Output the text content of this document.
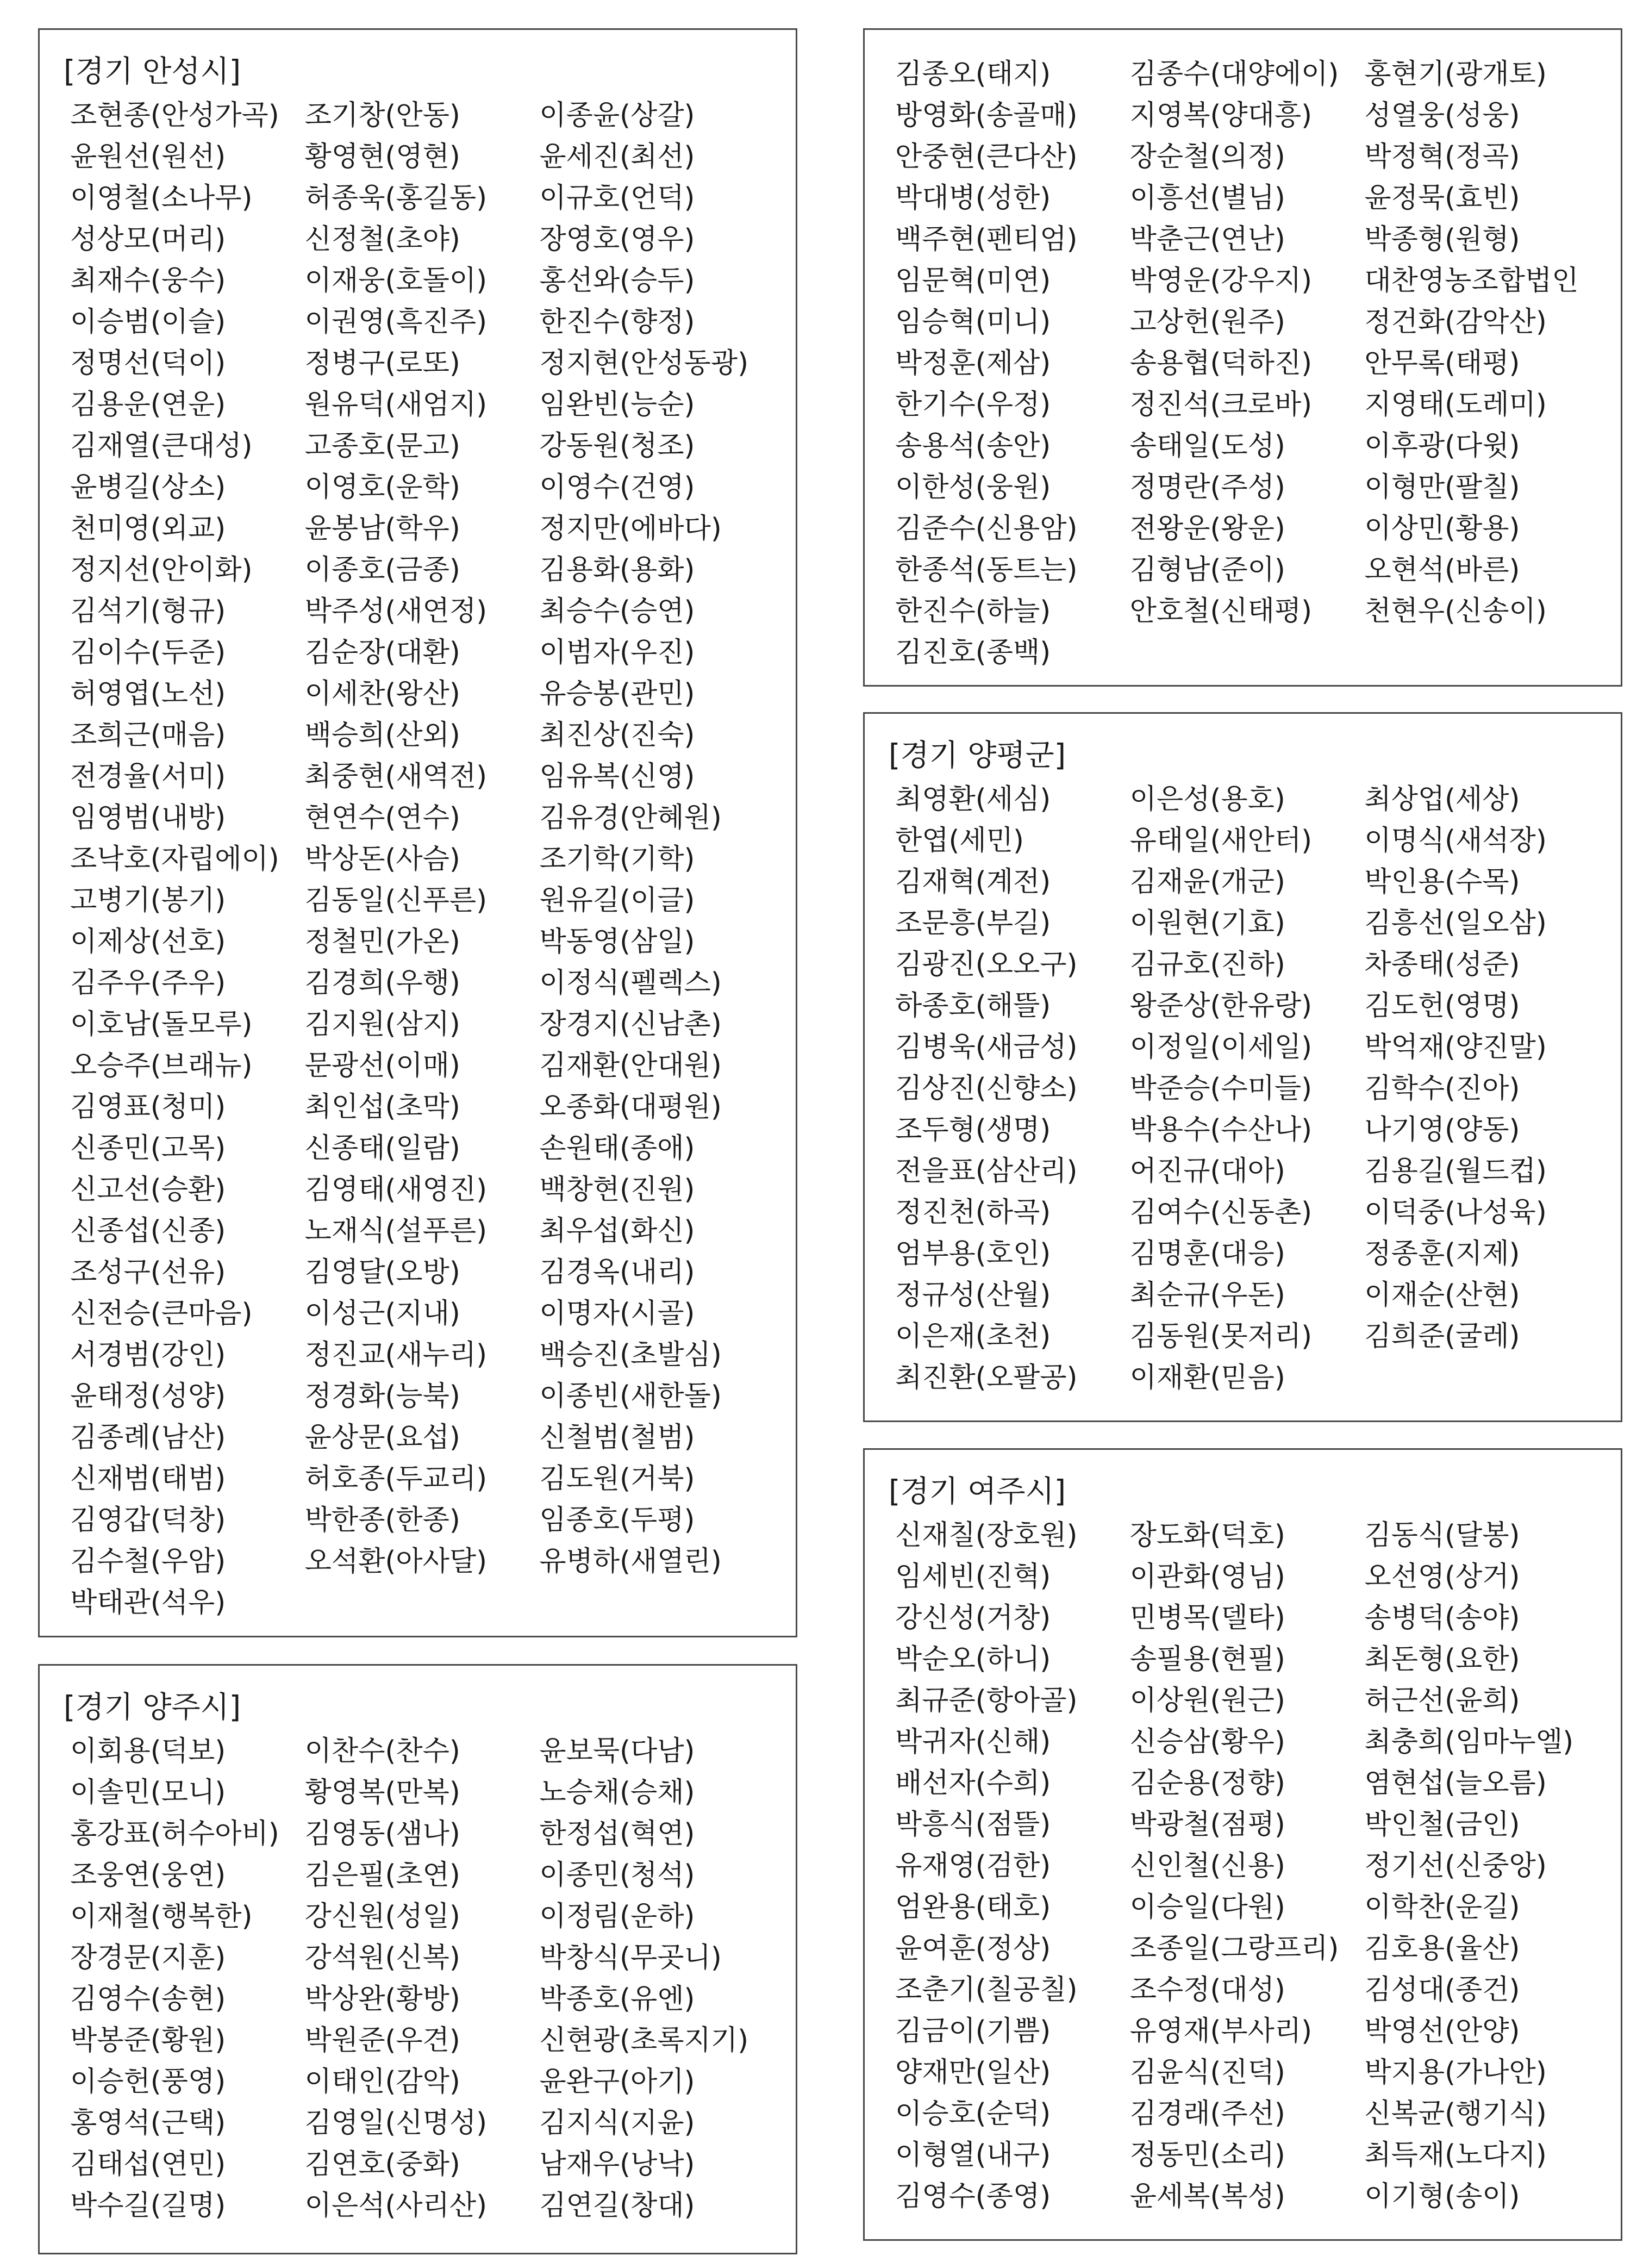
[경기 안성시]
조현종(안성가곡) 조기창(안동)	이종윤(상갈)
윤원선(원선)	황영현(영현)	윤세진(최선)
이영철(소나무)	허종욱(홍길동)	이규호(언덕)
성상모(머리)	신정철(초야)	장영호(영우)
최재수(웅수)	이재웅(호돌이)	홍선와(승두)
이승범(이슬)	이권영(흑진주)	한진수(향정)
정명선(덕이)	정병구(로또)	정지현(안성동광)
김용운(연운)	원유덕(새엄지)	임완빈(능순)
김재열(큰대성)	고종호(문고)	강동원(청조)
윤병길(상소)	이영호(운학)	이영수(건영)
천미영(외교)	윤봉남(학우)	정지만(에바다)
정지선(안이화)	이종호(금종)	김용화(용화)
김석기(형규)	박주성(새연정)	최승수(승연)
김이수(두준)	김순장(대환)	이범자(우진)
허영엽(노선)	이세찬(왕산)	유승봉(관민)
조희근(매음)	백승희(산외)	최진상(진숙)
전경율(서미)	최중현(새역전)	임유복(신영)
임영범(내방)	현연수(연수)	김유경(안혜원)
조낙호(자립에이) 박상돈(사슴)	조기학(기학)
고병기(봉기)	김동일(신푸른)	원유길(이글)
이제상(선호)	정철민(가온)	박동영(삼일)
김주우(주우)	김경희(우행)	이정식(펠렉스)
이호남(돌모루)	김지원(삼지)	장경지(신남촌)
오승주(브래뉴)	문광선(이매)	김재환(안대원)
김영표(청미)	최인섭(초막)	오종화(대평원)
신종민(고목)	신종태(일람)	손원태(종애)
신고선(승환)	김영태(새영진)	백창현(진원)
신종섭(신종)	노재식(설푸른)	최우섭(화신)
조성구(선유)	김영달(오방)	김경옥(내리)
신전승(큰마음)	이성근(지내)	이명자(시골)
서경범(강인)	정진교(새누리)	백승진(초발심)
윤태정(성양)	정경화(능북)	이종빈(새한돌)
김종례(남산)	윤상문(요섭)	신철범(철범)
신재범(태범)	허호종(두교리)	김도원(거북)
김영갑(덕창)	박한종(한종)	임종호(두평)
김수철(우암)	오석환(아사달)	유병하(새열린)
박태관(석우)
[경기 양주시]
이회용(덕보)	이찬수(찬수)	윤보묵(다남)
이솔민(모니)	황영복(만복)	노승채(승채)
홍강표(허수아비) 김영동(샘나)	한정섭(혁연)
조웅연(웅연)	김은필(초연)	이종민(청석)
이재철(행복한)	강신원(성일)	이정림(운하)
장경문(지훈)	강석원(신복)	박창식(무곳니)
김영수(송현)	박상완(황방)	박종호(유엔)
박봉준(황원)	박원준(우견)	신현광(초록지기)
이승헌(풍영)	이태인(감악)	윤완구(아기)
홍영석(근택)	김영일(신명성)	김지식(지윤)
김태섭(연민)	김연호(중화)	남재우(낭낙)
박수길(길명)	이은석(사리산)	김연길(창대)
김종오(태지)	김종수(대양에이) 홍현기(광개토)
방영화(송골매)	지영복(양대흥)	성열웅(성웅)
안중현(큰다산)	장순철(의정)	박정혁(정곡)
박대병(성한)	이흥선(별님)	윤정묵(효빈)
백주현(펜티엄)	박춘근(연난)	박종형(원형)
임문혁(미연)	박영운(강우지)	대찬영농조합법인
임승혁(미니)	고상헌(원주)	정건화(감악산)
박정훈(제삼)	송용협(덕하진)	안무록(태평)
한기수(우정)	정진석(크로바)	지영태(도레미)
송용석(송안)	송태일(도성)	이후광(다윗)
이한성(웅원)	정명란(주성)	이형만(팔칠)
김준수(신용암)	전왕운(왕운)	이상민(황용)
한종석(동트는)	김형남(준이)	오현석(바른)
한진수(하늘)	안호철(신태평)	천현우(신송이)
김진호(종백)
[경기 양평군]
최영환(세심)	이은성(용호)	최상업(세상)
한엽(세민)	유태일(새안터)	이명식(새석장)
김재혁(계전)	김재윤(개군)	박인용(수목)
조문흥(부길)	이원현(기효)	김흥선(일오삼)
김광진(오오구)	김규호(진하)	차종태(성준)
하종호(해뜰)	왕준상(한유랑)	김도헌(영명)
김병욱(새금성)	이정일(이세일)	박억재(양진말)
김상진(신향소)	박준승(수미들)	김학수(진아)
조두형(생명)	박용수(수산나)	나기영(양동)
전을표(삼산리)	어진규(대아)	김용길(월드컵)
정진천(하곡)	김여수(신동촌)	이덕중(나성육)
엄부용(호인)	김명훈(대응)	정종훈(지제)
정규성(산월)	최순규(우돈)	이재순(산현)
이은재(초천)	김동원(못저리)	김희준(굴레)
최진환(오팔공)	이재환(믿음)
[경기 여주시]
신재칠(장호원)	장도화(덕호)	김동식(달봉)
임세빈(진혁)	이관화(영님)	오선영(상거)
강신성(거창)	민병목(델타)	송병덕(송야)
박순오(하니)	송필용(현필)	최돈형(요한)
최규준(항아골)	이상원(원근)	허근선(윤희)
박귀자(신해)	신승삼(황우)	최충희(임마누엘)
배선자(수희)	김순용(정향)	염현섭(늘오름)
박흥식(점뜰)	박광철(점평)	박인철(금인)
유재영(검한)	신인철(신용)	정기선(신중앙)
엄완용(태호)	이승일(다원)	이학찬(운길)
윤여훈(정상)	조종일(그랑프리) 김호용(율산)
조춘기(칠공칠)	조수정(대성)	김성대(종건)
김금이(기쁨)	유영재(부사리)	박영선(안양)
양재만(일산)	김윤식(진덕)	박지용(가나안)
이승호(순덕)	김경래(주선)	신복균(행기식)
이형열(내구)	정동민(소리)	최득재(노다지)
김영수(종영)	윤세복(복성)	이기형(송이)
